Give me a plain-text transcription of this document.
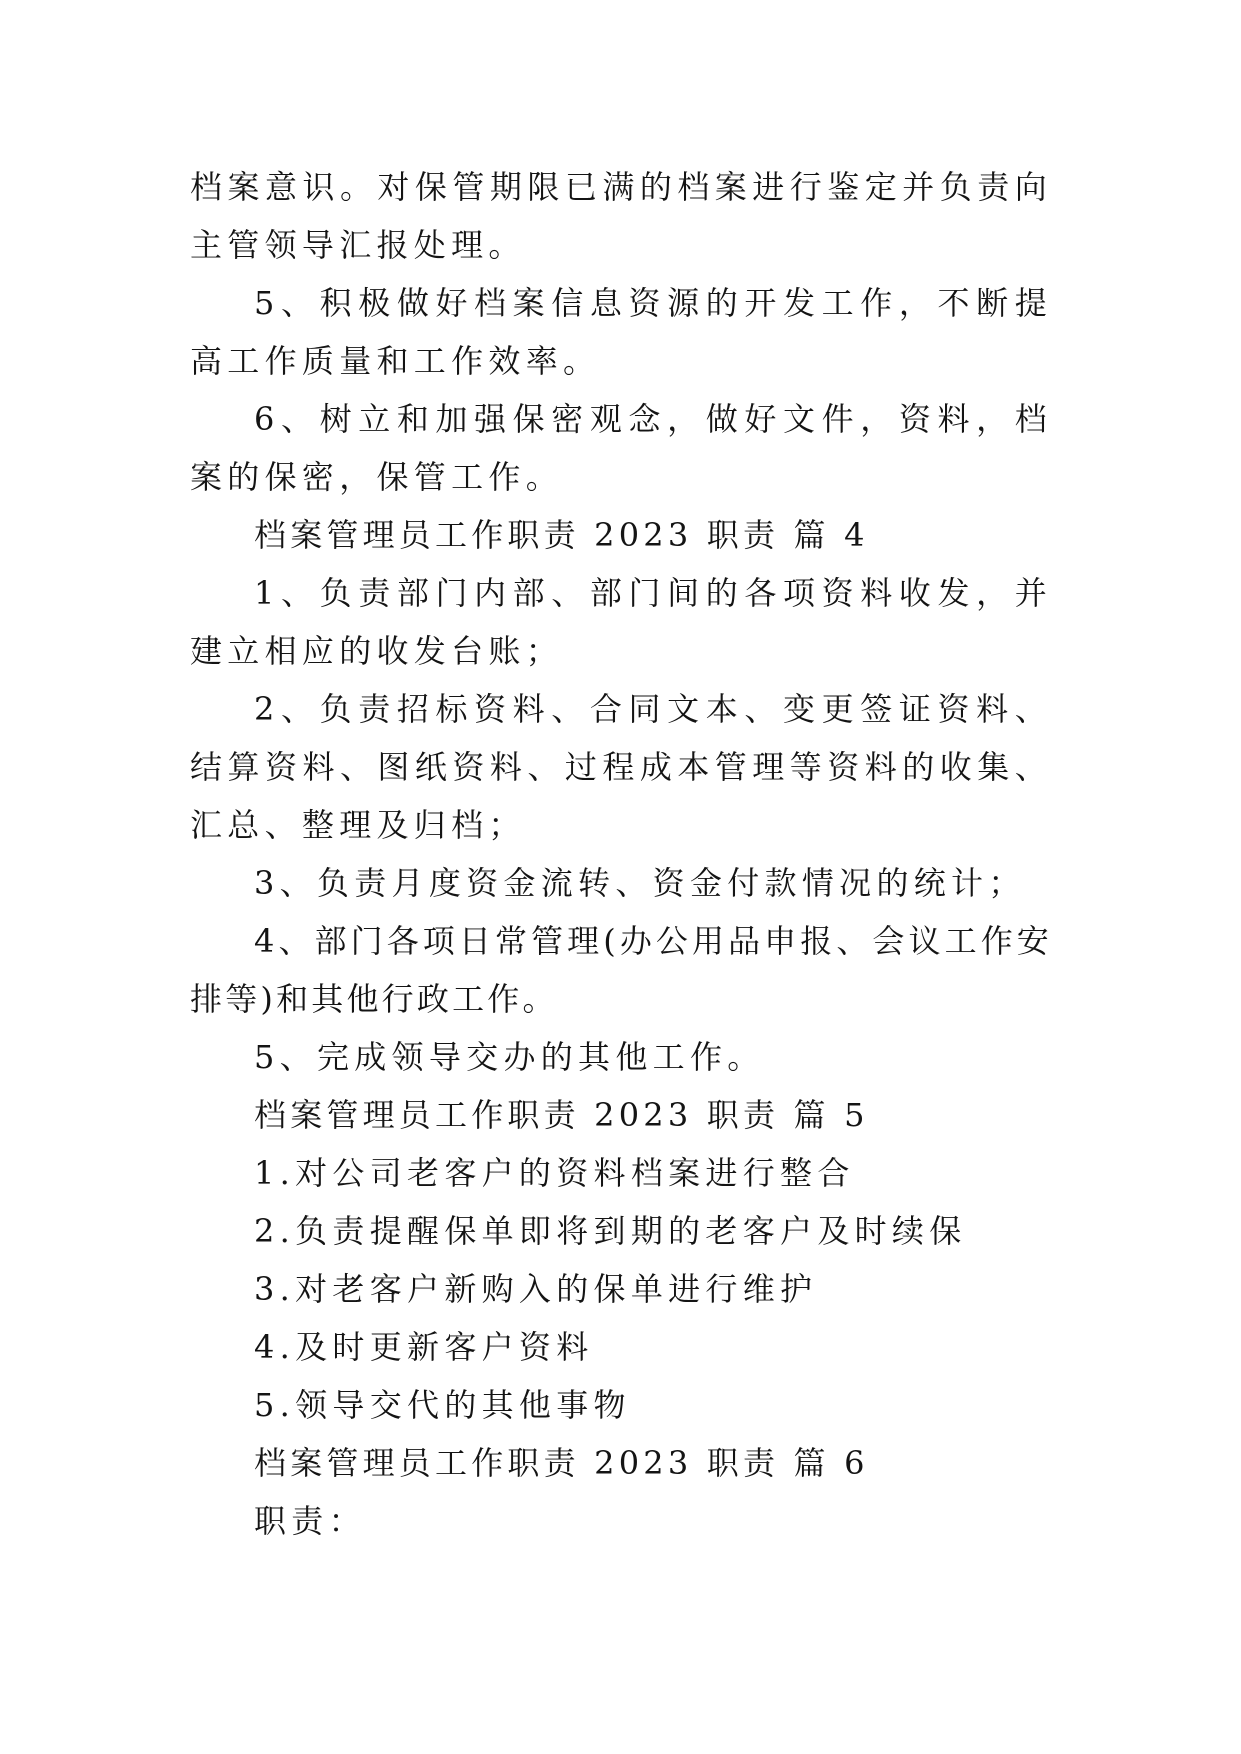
档案意识。对保管期限已满的档案进行鉴定并负责向主管领导汇报处理。

5、积极做好档案信息资源的开发工作，不断提高工作质量和工作效率。

6、树立和加强保密观念，做好文件，资料，档案的保密，保管工作。

档案管理员工作职责 2023 职责 篇 4

1、负责部门内部、部门间的各项资料收发，并建立相应的收发台账；

2、负责招标资料、合同文本、变更签证资料、结算资料、图纸资料、过程成本管理等资料的收集、汇总、整理及归档；

3、负责月度资金流转、资金付款情况的统计；

4、部门各项日常管理(办公用品申报、会议工作安排等)和其他行政工作。

5、完成领导交办的其他工作。

档案管理员工作职责 2023 职责 篇 5

1.对公司老客户的资料档案进行整合

2.负责提醒保单即将到期的老客户及时续保

3.对老客户新购入的保单进行维护

4.及时更新客户资料

5.领导交代的其他事物

档案管理员工作职责 2023 职责 篇 6

职责：
